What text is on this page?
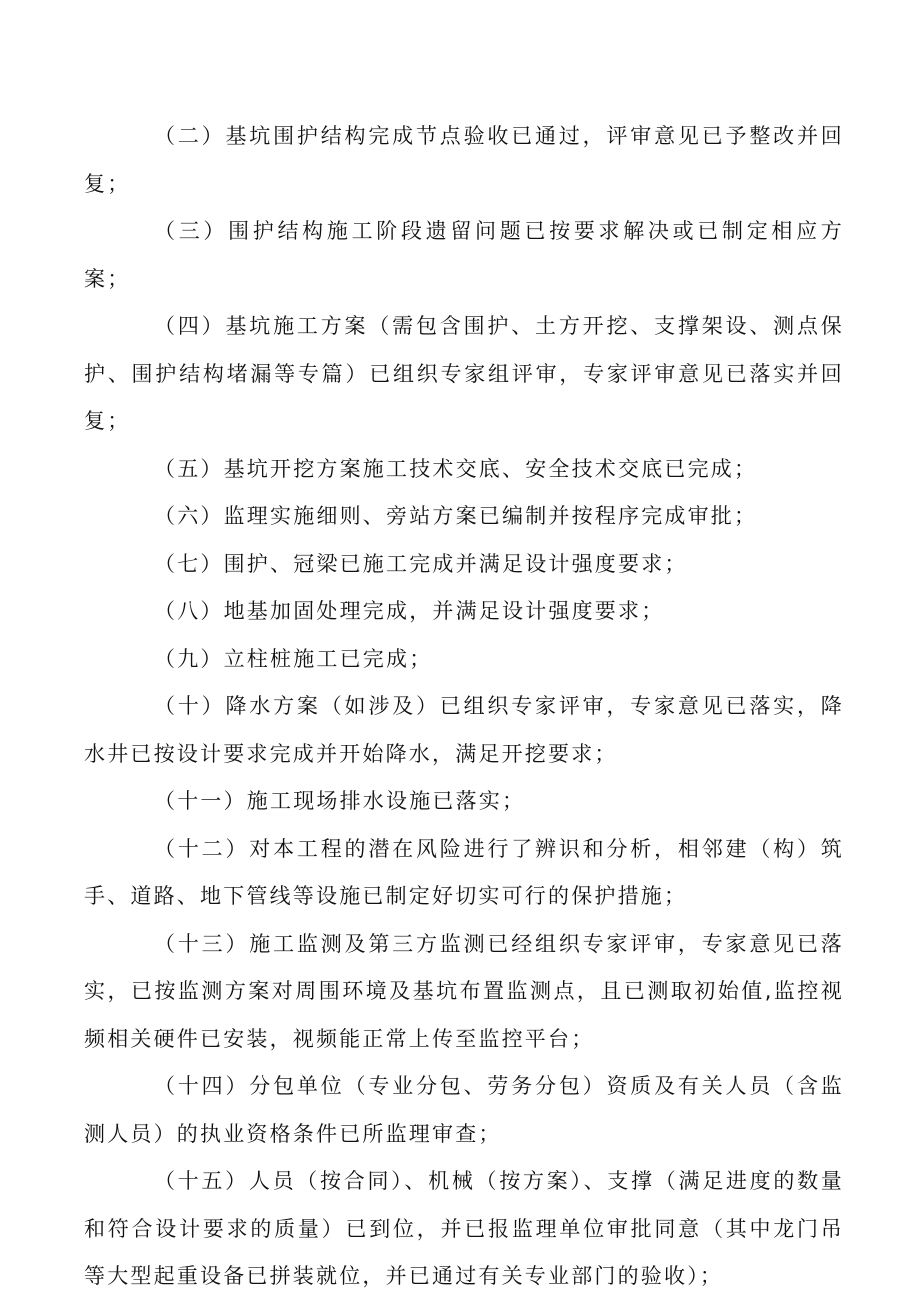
（二）基坑围护结构完成节点验收已通过，评审意见已予整改并回复；

（三）围护结构施工阶段遗留问题已按要求解决或已制定相应方案；

（四）基坑施工方案（需包含围护、土方开挖、支撑架设、测点保护、围护结构堵漏等专篇）已组织专家组评审，专家评审意见已落实并回复；

（五）基坑开挖方案施工技术交底、安全技术交底已完成；

（六）监理实施细则、旁站方案已编制并按程序完成审批；

（七）围护、冠梁已施工完成并满足设计强度要求；

（八）地基加固处理完成，并满足设计强度要求；

（九）立柱桩施工已完成；

（十）降水方案（如涉及）已组织专家评审，专家意见已落实，降水井已按设计要求完成并开始降水，满足开挖要求；

（十一）施工现场排水设施已落实；

（十二）对本工程的潜在风险进行了辨识和分析，相邻建（构）筑手、道路、地下管线等设施已制定好切实可行的保护措施；

（十三）施工监测及第三方监测已经组织专家评审，专家意见已落实，已按监测方案对周围环境及基坑布置监测点，且已测取初始值,监控视频相关硬件已安装，视频能正常上传至监控平台；

（十四）分包单位（专业分包、劳务分包）资质及有关人员（含监测人员）的执业资格条件已所监理审查；

（十五）人员（按合同）、机械（按方案）、支撑（满足进度的数量和符合设计要求的质量）已到位，并已报监理单位审批同意（其中龙门吊等大型起重设备已拼装就位，并已通过有关专业部门的验收）；
